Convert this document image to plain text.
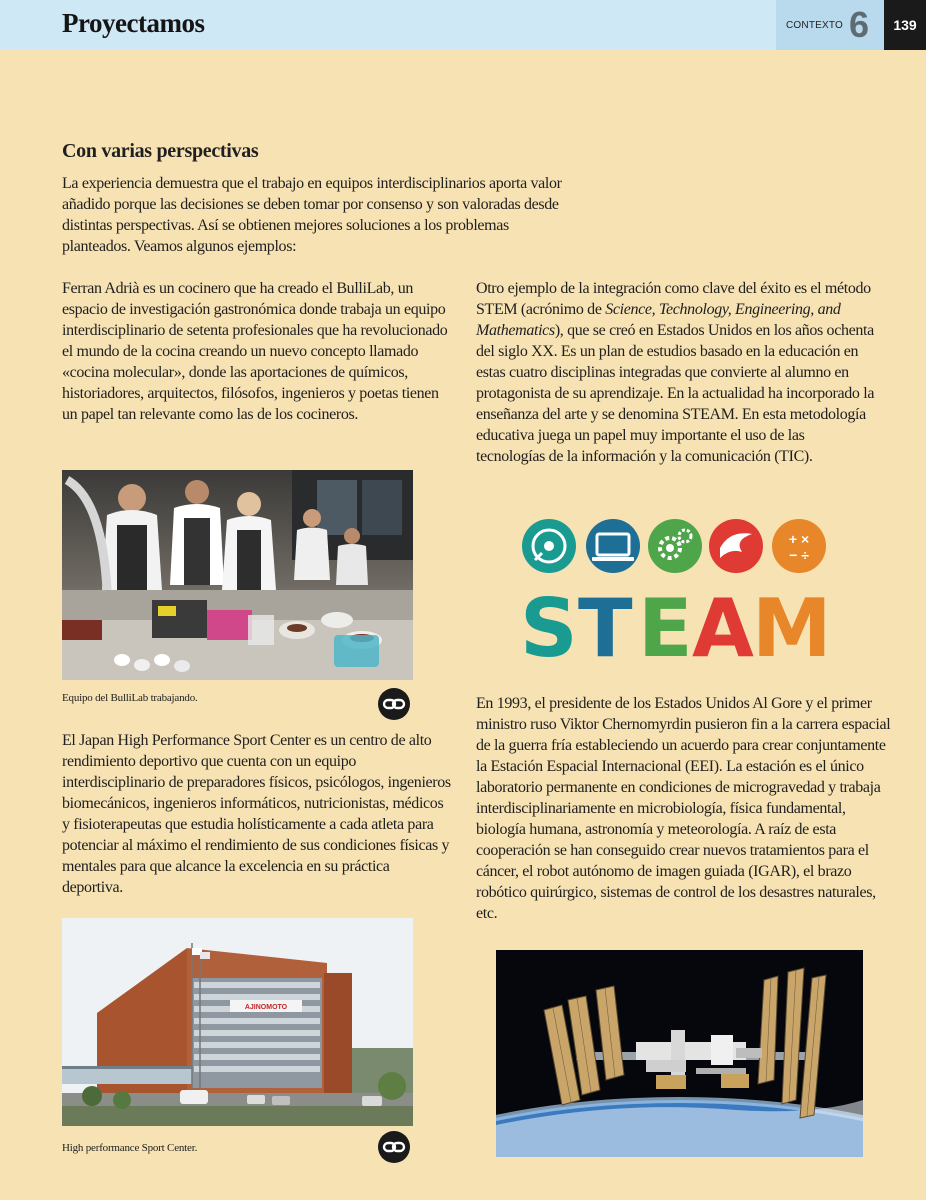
Proyectamos	CONTEXTO 6	139
Con varias perspectivas

La experiencia demuestra que el trabajo en equipos interdisciplinarios aporta valor añadido porque las decisiones se deben tomar por consenso y son valoradas desde distintas perspectivas. Así se obtienen mejores soluciones a los problemas planteados. Veamos algunos ejemplos:

Ferran Adrià es un cocinero que ha creado el BulliLab, un espacio de investigación gastronómica donde trabaja un equipo interdisciplinario de setenta profesionales que ha revolucionado el mundo de la cocina creando un nuevo concepto llamado «cocina molecular», donde las aportaciones de químicos, historiadores, arquitectos, filósofos, ingenieros y poetas tienen un papel tan relevante como las de los cocineros.

Equipo del BulliLab trabajando.

El Japan High Performance Sport Center es un centro de alto rendimiento deportivo que cuenta con un equipo interdisciplinario de preparadores físicos, psicólogos, ingenieros biomecánicos, ingenieros informáticos, nutricionistas, médicos y fisioterapeutas que estudia holísticamente a cada atleta para potenciar al máximo el rendimiento de sus condiciones físicas y mentales para que alcance la excelencia en su práctica deportiva.

AJINOMOTO
High performance Sport Center.

Otro ejemplo de la integración como clave del éxito es el método STEM (acrónimo de Science, Technology, Engineering, and Mathematics), que se creó en Estados Unidos en los años ochenta del siglo XX. Es un plan de estudios basado en la educación en estas cuatro disciplinas integradas que convierte al alumno en protagonista de su aprendizaje. En la actualidad ha incorporado la enseñanza del arte y se denomina STEAM. En esta metodología educativa juega un papel muy importante el uso de las tecnologías de la información y la comunicación (TIC).

+ ×
− ÷
S T E A
M

En 1993, el presidente de los Estados Unidos Al Gore y el primer ministro ruso Viktor Chernomyrdin pusieron fin a la carrera espacial de la guerra fría estableciendo un acuerdo para crear conjuntamente la Estación Espacial Internacional (EEI). La estación es el único laboratorio permanente en condiciones de microgravedad y trabaja interdisciplinariamente en microbiología, física fundamental, biología humana, astronomía y meteorología. A raíz de esta cooperación se han conseguido crear nuevos tratamientos para el cáncer, el robot autónomo de imagen guiada (IGAR), el brazo robótico quirúrgico, sistemas de control de los desastres naturales, etc.
